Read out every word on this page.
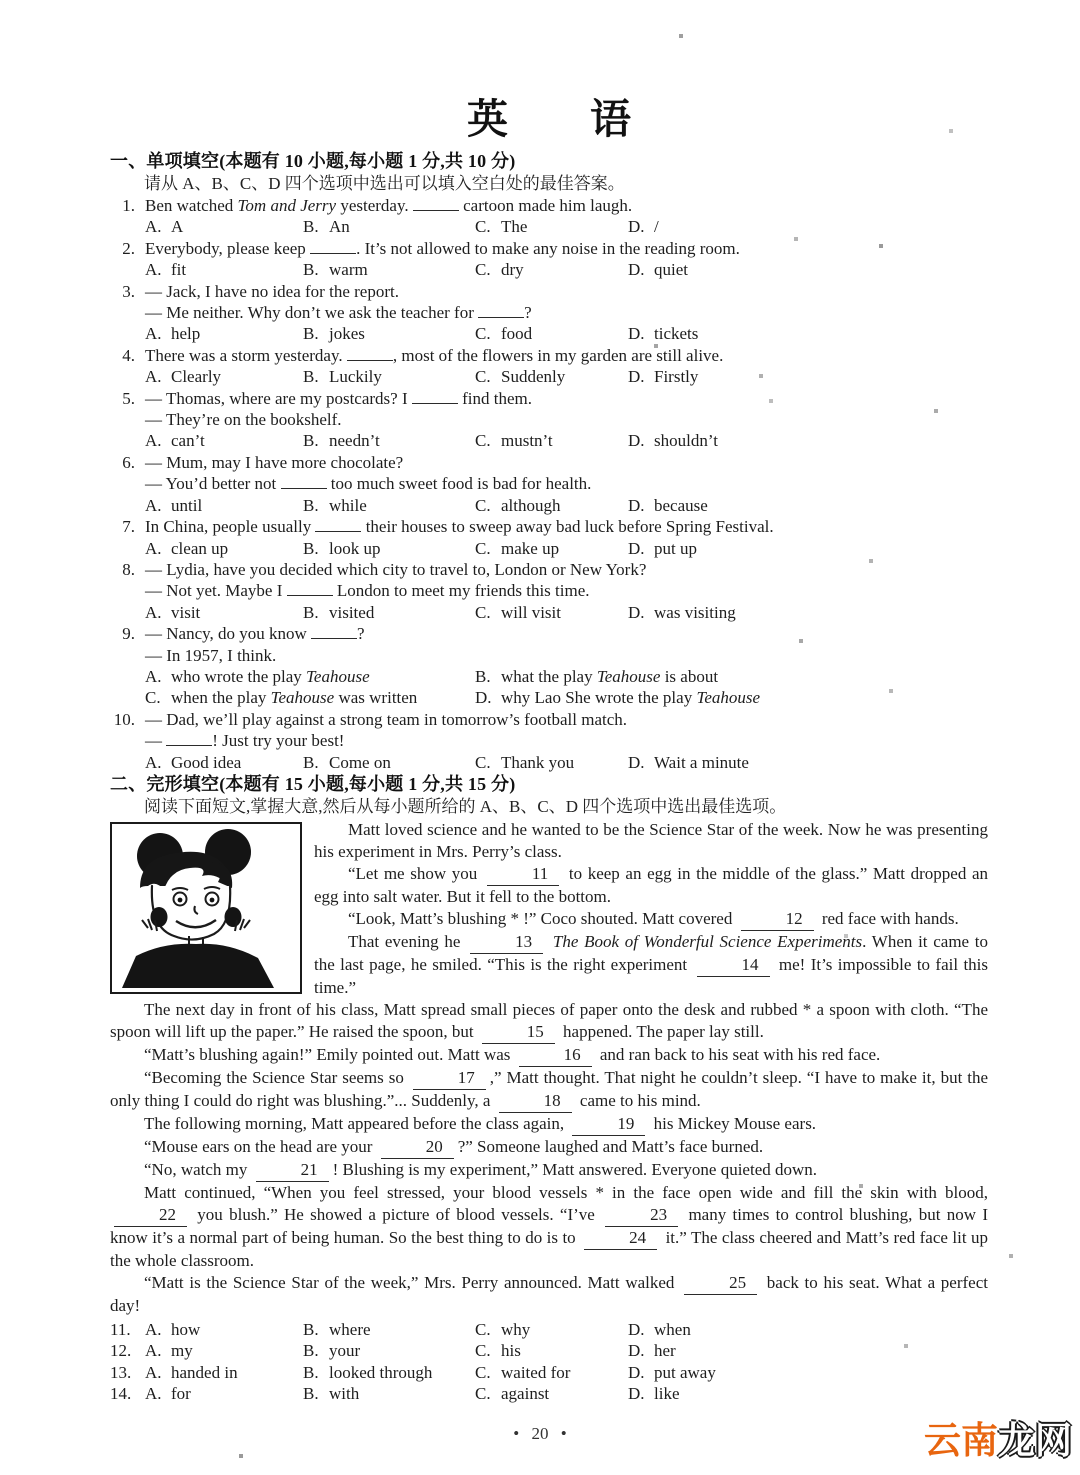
英　　语
一、单项填空(本题有 10 小题,每小题 1 分,共 10 分)
请从 A、B、C、D 四个选项中选出可以填入空白处的最佳答案。
1. Ben watched Tom and Jerry yesterday.	cartoon made him laugh.
A. A	B. An	C. The	D. /
2. Everybody, please keep	. It’s not allowed to make any noise in the reading room.
A. fit	B. warm	C. dry	D. quiet
3. — Jack, I have no idea for the report.
— Me neither. Why don’t we ask the teacher for	?
A. help	B. jokes	C. food	D. tickets
4. There was a storm yesterday.	, most of the flowers in my garden are still alive.
A. Clearly	B. Luckily	C. Suddenly	D. Firstly
5. — Thomas, where are my postcards? I	find them.
— They’re on the bookshelf.
A. can’t	B. needn’t	C. mustn’t	D. shouldn’t
6. — Mum, may I have more chocolate?
— You’d better not	too much sweet food is bad for health.
A. until	B. while	C. although	D. because
7. In China, people usually	their houses to sweep away bad luck before Spring Festival.
A. clean up	B. look up	C. make up	D. put up
8. — Lydia, have you decided which city to travel to, London or New York?
— Not yet. Maybe I	London to meet my friends this time.
A. visit	B. visited	C. will visit	D. was visiting
9. — Nancy, do you know	?
— In 1957, I think.
A. who wrote the play Teahouse	B. what the play Teahouse is about
C. when the play Teahouse was written	D. why Lao She wrote the play Teahouse
10. — Dad, we’ll play against a strong team in tomorrow’s football match.
—	! Just try your best!
A. Good idea	B. Come on	C. Thank you	D. Wait a minute
二、完形填空(本题有 15 小题,每小题 1 分,共 15 分)
阅读下面短文,掌握大意,然后从每小题所给的 A、B、C、D 四个选项中选出最佳选项。

Matt loved science and he wanted to be the Science Star of the week. Now he was presenting his experiment in Mrs. Perry’s class.

“Let me show you	11 to keep an egg in the middle of the glass.” Matt dropped an egg into salt water. But it fell to the bottom.

“Look, Matt’s blushing * !” Coco shouted. Matt covered	12 red face with hands.

That evening he	13 The Book of Wonderful Science Experiments. When it came to the last page, he smiled. “This is the right experiment	14 me! It’s impossible to fail this time.”

The next day in front of his class, Matt spread small pieces of paper onto the desk and rubbed * a spoon with cloth. “The spoon will lift up the paper.” He raised the spoon, but	15 happened. The paper lay still.

“Matt’s blushing again!” Emily pointed out. Matt was	16 and ran back to his seat with his red face.

“Becoming the Science Star seems so	17 ,” Matt thought. That night he couldn’t sleep. “I have to make it, but the only thing I could do right was blushing.”... Suddenly, a	18 came to his mind.

The following morning, Matt appeared before the class again,	19 his Mickey Mouse ears.

“Mouse ears on the head are your	20 ?” Someone laughed and Matt’s face burned.

“No, watch my	21 ! Blushing is my experiment,” Matt answered. Everyone quieted down.

Matt continued, “When you feel stressed, your blood vessels * in the face open wide and fill the skin with blood, 22 you blush.” He showed a picture of blood vessels. “I’ve	23 many times to control blushing, but now I know it’s a normal part of being human. So the best thing to do is to	24 it.” The class cheered and Matt’s red face lit up the whole classroom.

“Matt is the Science Star of the week,” Mrs. Perry announced. Matt walked	25 back to his seat. What a perfect day!

11. A. how	B. where	C. why	D. when
12. A. my	B. your	C. his	D. her
13. A. handed in	B. looked through	C. waited for	D. put away
14. A. for	B. with	C. against	D. like
• 20 •	云南龙网
